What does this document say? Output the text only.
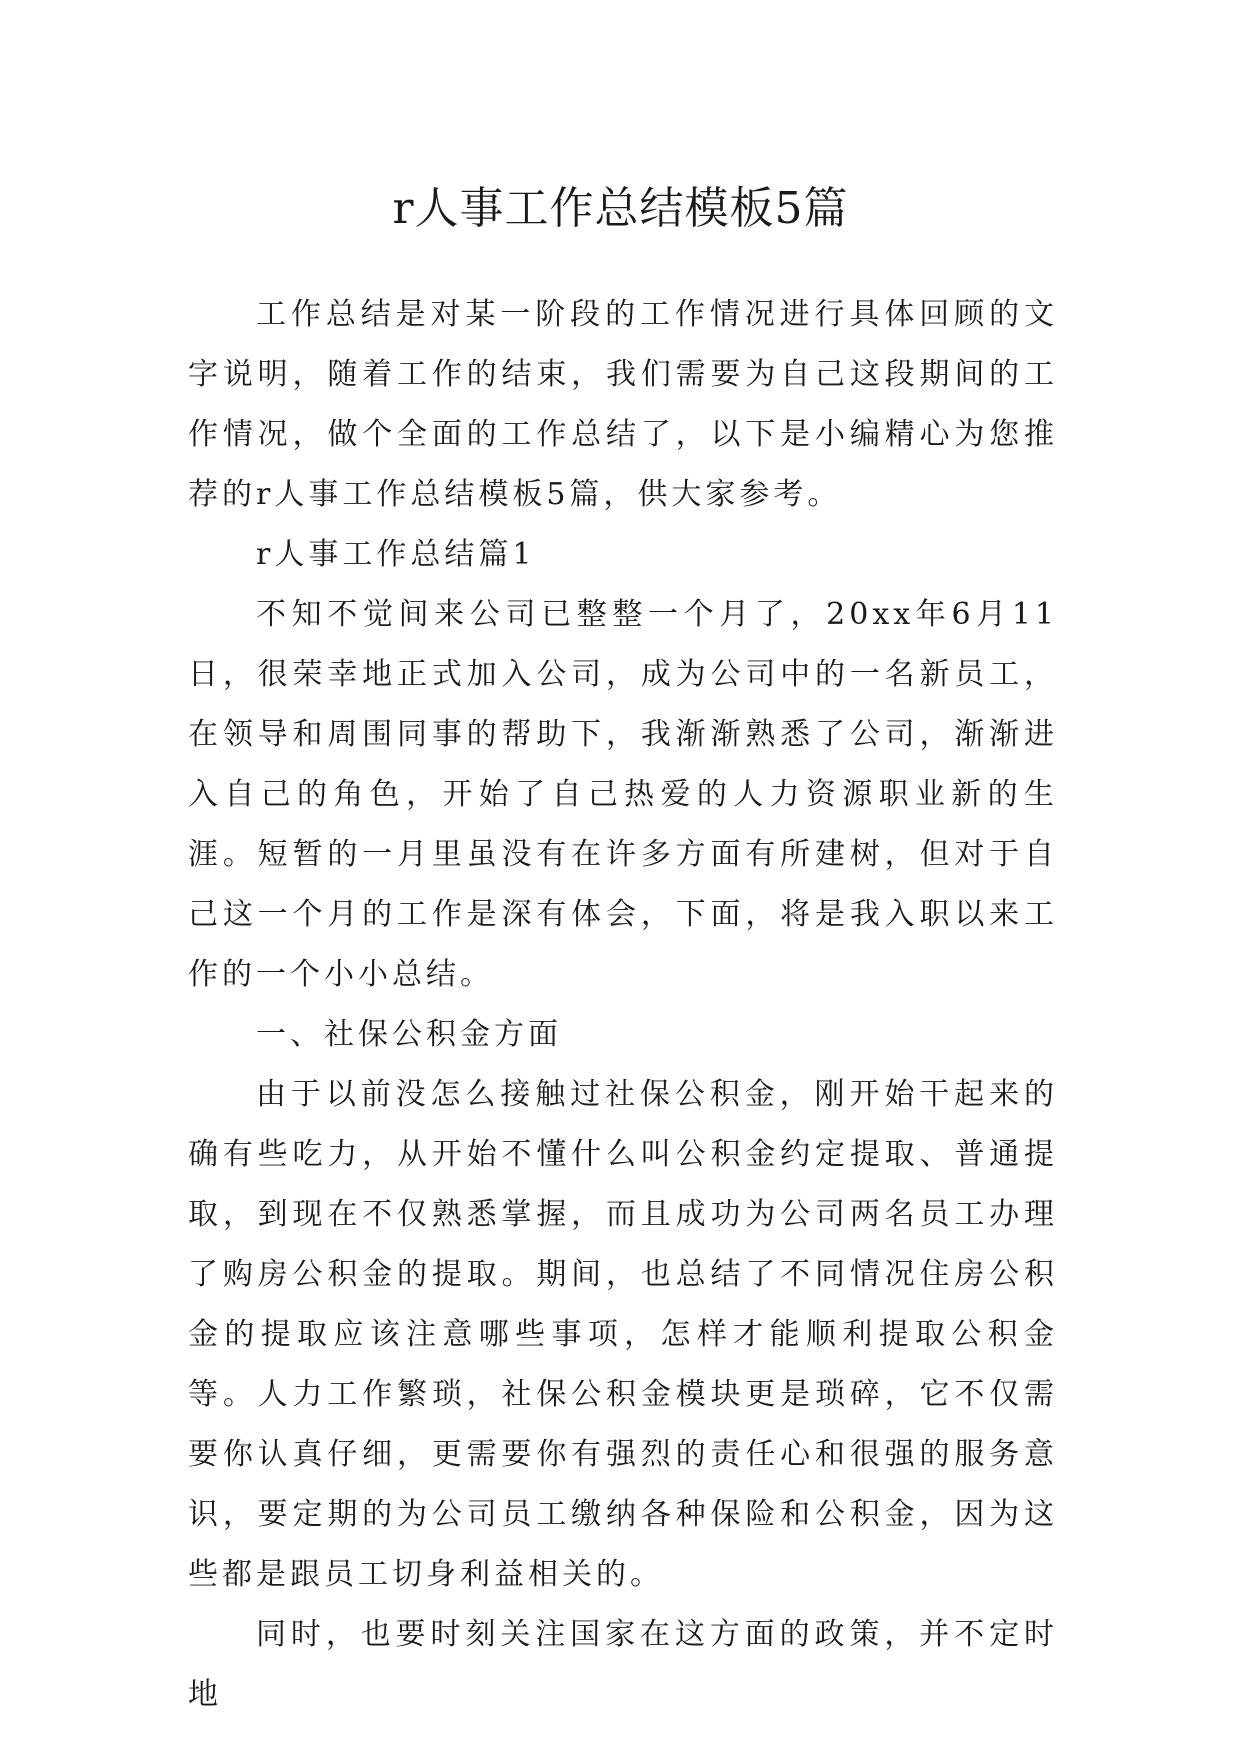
r人事工作总结模板5篇

工作总结是对某一阶段的工作情况进行具体回顾的文字说明，随着工作的结束，我们需要为自己这段期间的工作情况，做个全面的工作总结了，以下是小编精心为您推荐的r人事工作总结模板5篇，供大家参考。

r人事工作总结篇1

不知不觉间来公司已整整一个月了，20xx年6月11日，很荣幸地正式加入公司，成为公司中的一名新员工，在领导和周围同事的帮助下，我渐渐熟悉了公司，渐渐进入自己的角色，开始了自己热爱的人力资源职业新的生涯。短暂的一月里虽没有在许多方面有所建树，但对于自己这一个月的工作是深有体会，下面，将是我入职以来工作的一个小小总结。

一、社保公积金方面

由于以前没怎么接触过社保公积金，刚开始干起来的确有些吃力，从开始不懂什么叫公积金约定提取、普通提取，到现在不仅熟悉掌握，而且成功为公司两名员工办理了购房公积金的提取。期间，也总结了不同情况住房公积金的提取应该注意哪些事项，怎样才能顺利提取公积金等。人力工作繁琐，社保公积金模块更是琐碎，它不仅需要你认真仔细，更需要你有强烈的责任心和很强的服务意识，要定期的为公司员工缴纳各种保险和公积金，因为这些都是跟员工切身利益相关的。

同时，也要时刻关注国家在这方面的政策，并不定时地
